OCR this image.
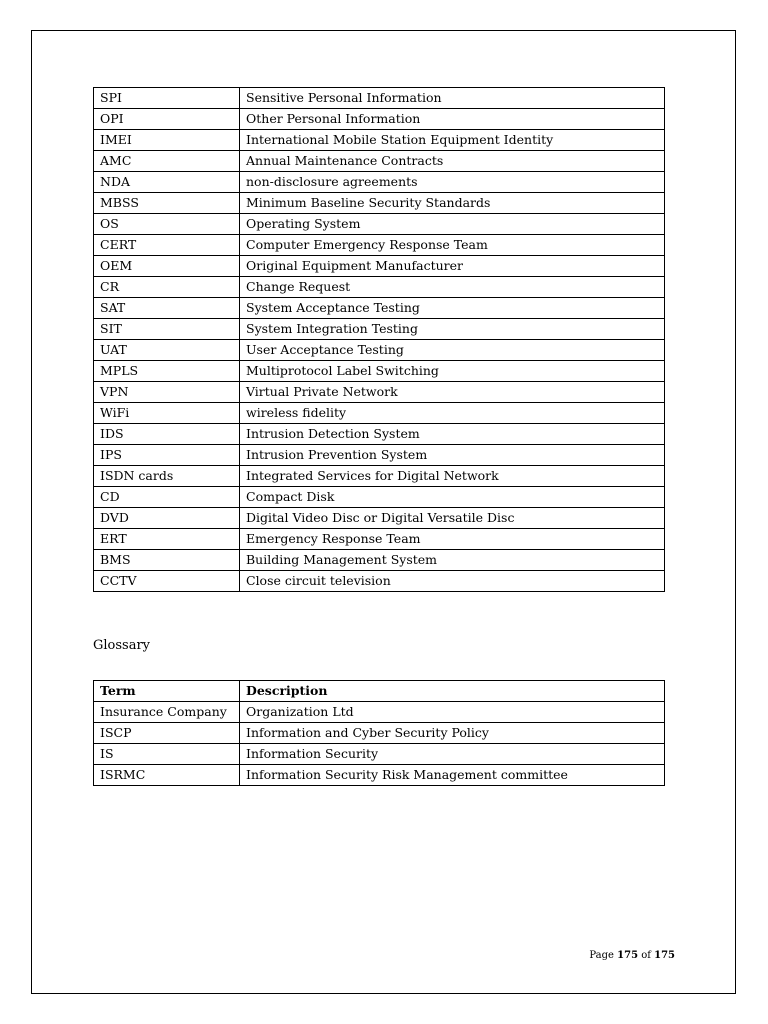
SPI	Sensitive Personal Information
OPI	Other Personal Information
IMEI	International Mobile Station Equipment Identity
AMC	Annual Maintenance Contracts
NDA	non-disclosure agreements
MBSS	Minimum Baseline Security Standards
OS	Operating System
CERT	Computer Emergency Response Team
OEM	Original Equipment Manufacturer
CR	Change Request
SAT	System Acceptance Testing
SIT	System Integration Testing
UAT	User Acceptance Testing
MPLS	Multiprotocol Label Switching
VPN	Virtual Private Network
WiFi	wireless fidelity
IDS	Intrusion Detection System
IPS	Intrusion Prevention System
ISDN cards	Integrated Services for Digital Network
CD	Compact Disk
DVD	Digital Video Disc or Digital Versatile Disc
ERT	Emergency Response Team
BMS	Building Management System
CCTV	Close circuit television
Glossary
Term	Description
Insurance Company	Organization Ltd
ISCP	Information and Cyber Security Policy
IS	Information Security
ISRMC	Information Security Risk Management committee
Page 175 of 175
